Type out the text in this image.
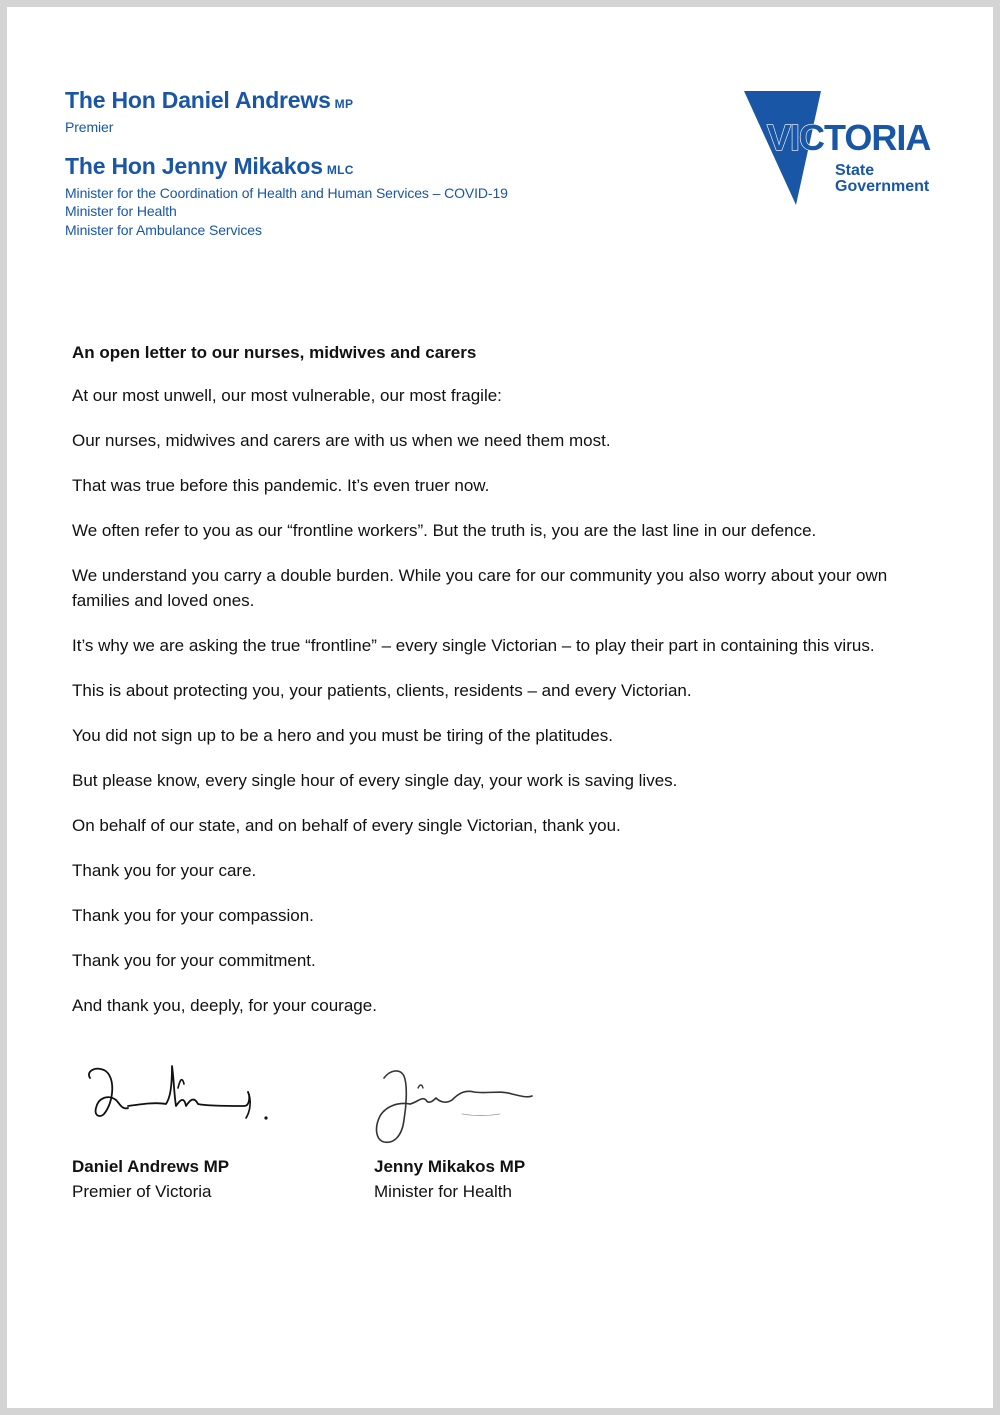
The Hon Daniel Andrews MP
Premier
The Hon Jenny Mikakos MLC
Minister for the Coordination of Health and Human Services – COVID-19
Minister for Health
Minister for Ambulance Services
VICTORIA
State
Government

An open letter to our nurses, midwives and carers

At our most unwell, our most vulnerable, our most fragile:

Our nurses, midwives and carers are with us when we need them most.

That was true before this pandemic. It’s even truer now.

We often refer to you as our “frontline workers”. But the truth is, you are the last line in our defence.

We understand you carry a double burden. While you care for our community you also worry about your own families and loved ones.

It’s why we are asking the true “frontline” – every single Victorian – to play their part in containing this virus.

This is about protecting you, your patients, clients, residents – and every Victorian.

You did not sign up to be a hero and you must be tiring of the platitudes.

But please know, every single hour of every single day, your work is saving lives.

On behalf of our state, and on behalf of every single Victorian, thank you.

Thank you for your care.

Thank you for your compassion.

Thank you for your commitment.

And thank you, deeply, for your courage.

Daniel Andrews MP
Premier of Victoria
Jenny Mikakos MP
Minister for Health
